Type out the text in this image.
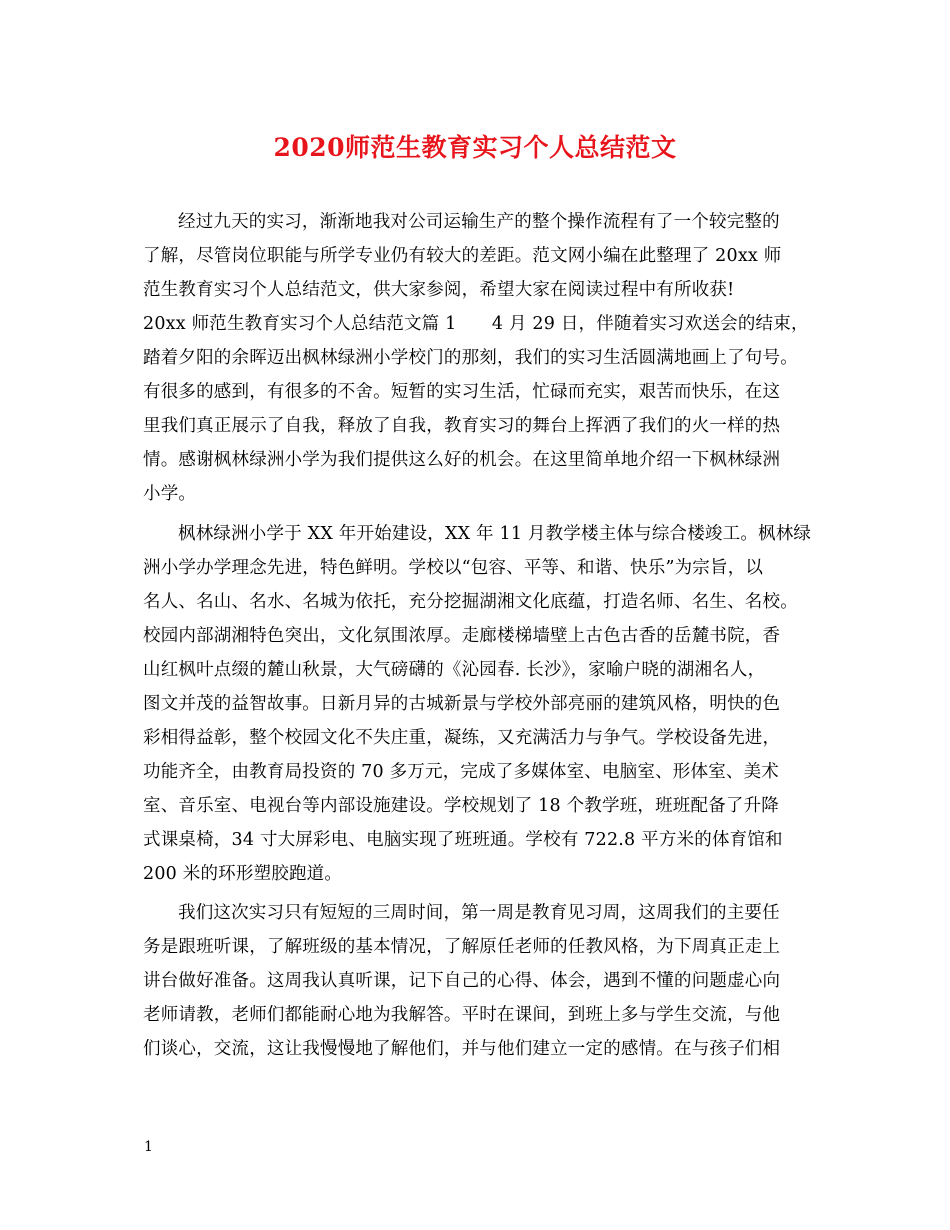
2020师范生教育实习个人总结范文
经过九天的实习，渐渐地我对公司运输生产的整个操作流程有了一个较完整的
了解，尽管岗位职能与所学专业仍有较大的差距。范文网小编在此整理了 20xx 师
范生教育实习个人总结范文，供大家参阅，希望大家在阅读过程中有所收获!
20xx 师范生教育实习个人总结范文篇 1　　4 月 29 日，伴随着实习欢送会的结束，
踏着夕阳的余晖迈出枫林绿洲小学校门的那刻，我们的实习生活圆满地画上了句号。
有很多的感到，有很多的不舍。短暂的实习生活，忙碌而充实，艰苦而快乐，在这
里我们真正展示了自我，释放了自我，教育实习的舞台上挥洒了我们的火一样的热
情。感谢枫林绿洲小学为我们提供这么好的机会。在这里简单地介绍一下枫林绿洲
小学。
枫林绿洲小学于 XX 年开始建设，XX 年 11 月教学楼主体与综合楼竣工。枫林绿
洲小学办学理念先进，特色鲜明。学校以“包容、平等、和谐、快乐”为宗旨，以
名人、名山、名水、名城为依托，充分挖掘湖湘文化底蕴，打造名师、名生、名校。
校园内部湖湘特色突出，文化氛围浓厚。走廊楼梯墙壁上古色古香的岳麓书院，香
山红枫叶点缀的麓山秋景，大气磅礴的《沁园春. 长沙》，家喻户晓的湖湘名人，
图文并茂的益智故事。日新月异的古城新景与学校外部亮丽的建筑风格，明快的色
彩相得益彰，整个校园文化不失庄重，凝练，又充满活力与争气。学校设备先进，
功能齐全，由教育局投资的 70 多万元，完成了多媒体室、电脑室、形体室、美术
室、音乐室、电视台等内部设施建设。学校规划了 18 个教学班，班班配备了升降
式课桌椅，34 寸大屏彩电、电脑实现了班班通。学校有 722.8 平方米的体育馆和
200 米的环形塑胶跑道。
我们这次实习只有短短的三周时间，第一周是教育见习周，这周我们的主要任
务是跟班听课，了解班级的基本情况，了解原任老师的任教风格，为下周真正走上
讲台做好准备。这周我认真听课，记下自己的心得、体会，遇到不懂的问题虚心向
老师请教，老师们都能耐心地为我解答。平时在课间，到班上多与学生交流，与他
们谈心，交流，这让我慢慢地了解他们，并与他们建立一定的感情。在与孩子们相
1
